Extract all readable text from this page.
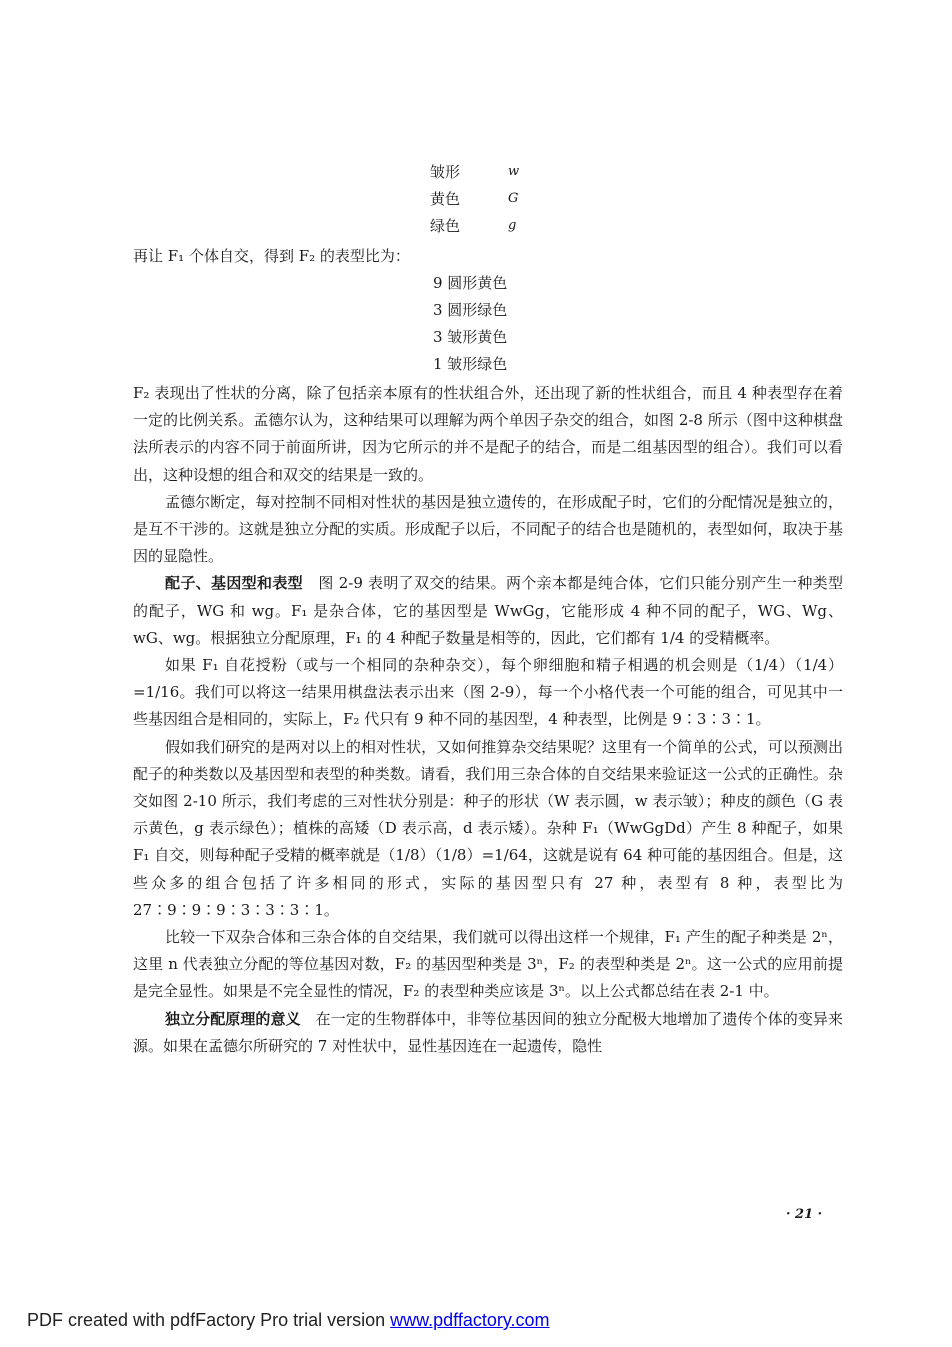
皱形	w
黄色	G
绿色	g
再让 F₁ 个体自交，得到 F₂ 的表型比为：
9 圆形黄色
3 圆形绿色
3 皱形黄色
1 皱形绿色

F₂ 表现出了性状的分离，除了包括亲本原有的性状组合外，还出现了新的性状组合，而且 4 种表型存在着一定的比例关系。孟德尔认为，这种结果可以理解为两个单因子杂交的组合，如图 2-8 所示（图中这种棋盘法所表示的内容不同于前面所讲，因为它所示的并不是配子的结合，而是二组基因型的组合）。我们可以看出，这种设想的组合和双交的结果是一致的。

孟德尔断定，每对控制不同相对性状的基因是独立遗传的，在形成配子时，它们的分配情况是独立的，是互不干涉的。这就是独立分配的实质。形成配子以后，不同配子的结合也是随机的，表型如何，取决于基因的显隐性。

配子、基因型和表型　图 2-9 表明了双交的结果。两个亲本都是纯合体，它们只能分别产生一种类型的配子，WG 和 wg。F₁ 是杂合体，它的基因型是 WwGg，它能形成 4 种不同的配子，WG、Wg、wG、wg。根据独立分配原理，F₁ 的 4 种配子数量是相等的，因此，它们都有 1/4 的受精概率。

如果 F₁ 自花授粉（或与一个相同的杂种杂交），每个卵细胞和精子相遇的机会则是（1/4）（1/4）=1/16。我们可以将这一结果用棋盘法表示出来（图 2-9），每一个小格代表一个可能的组合，可见其中一些基因组合是相同的，实际上，F₂ 代只有 9 种不同的基因型，4 种表型，比例是 9∶3∶3∶1。

假如我们研究的是两对以上的相对性状，又如何推算杂交结果呢？这里有一个简单的公式，可以预测出配子的种类数以及基因型和表型的种类数。请看，我们用三杂合体的自交结果来验证这一公式的正确性。杂交如图 2-10 所示，我们考虑的三对性状分别是：种子的形状（W 表示圆，w 表示皱）；种皮的颜色（G 表示黄色，g 表示绿色）；植株的高矮（D 表示高，d 表示矮）。杂种 F₁（WwGgDd）产生 8 种配子，如果 F₁ 自交，则每种配子受精的概率就是（1/8）（1/8）=1/64，这就是说有 64 种可能的基因组合。但是，这些众多的组合包括了许多相同的形式，实际的基因型只有 27 种，表型有 8 种，表型比为 27∶9∶9∶9∶3∶3∶3∶1。

比较一下双杂合体和三杂合体的自交结果，我们就可以得出这样一个规律，F₁ 产生的配子种类是 2ⁿ，这里 n 代表独立分配的等位基因对数，F₂ 的基因型种类是 3ⁿ，F₂ 的表型种类是 2ⁿ。这一公式的应用前提是完全显性。如果是不完全显性的情况，F₂ 的表型种类应该是 3ⁿ。以上公式都总结在表 2-1 中。

独立分配原理的意义　在一定的生物群体中，非等位基因间的独立分配极大地增加了遗传个体的变异来源。如果在孟德尔所研究的 7 对性状中，显性基因连在一起遗传，隐性

· 21 ·
PDF created with pdfFactory Pro trial version www.pdffactory.com
